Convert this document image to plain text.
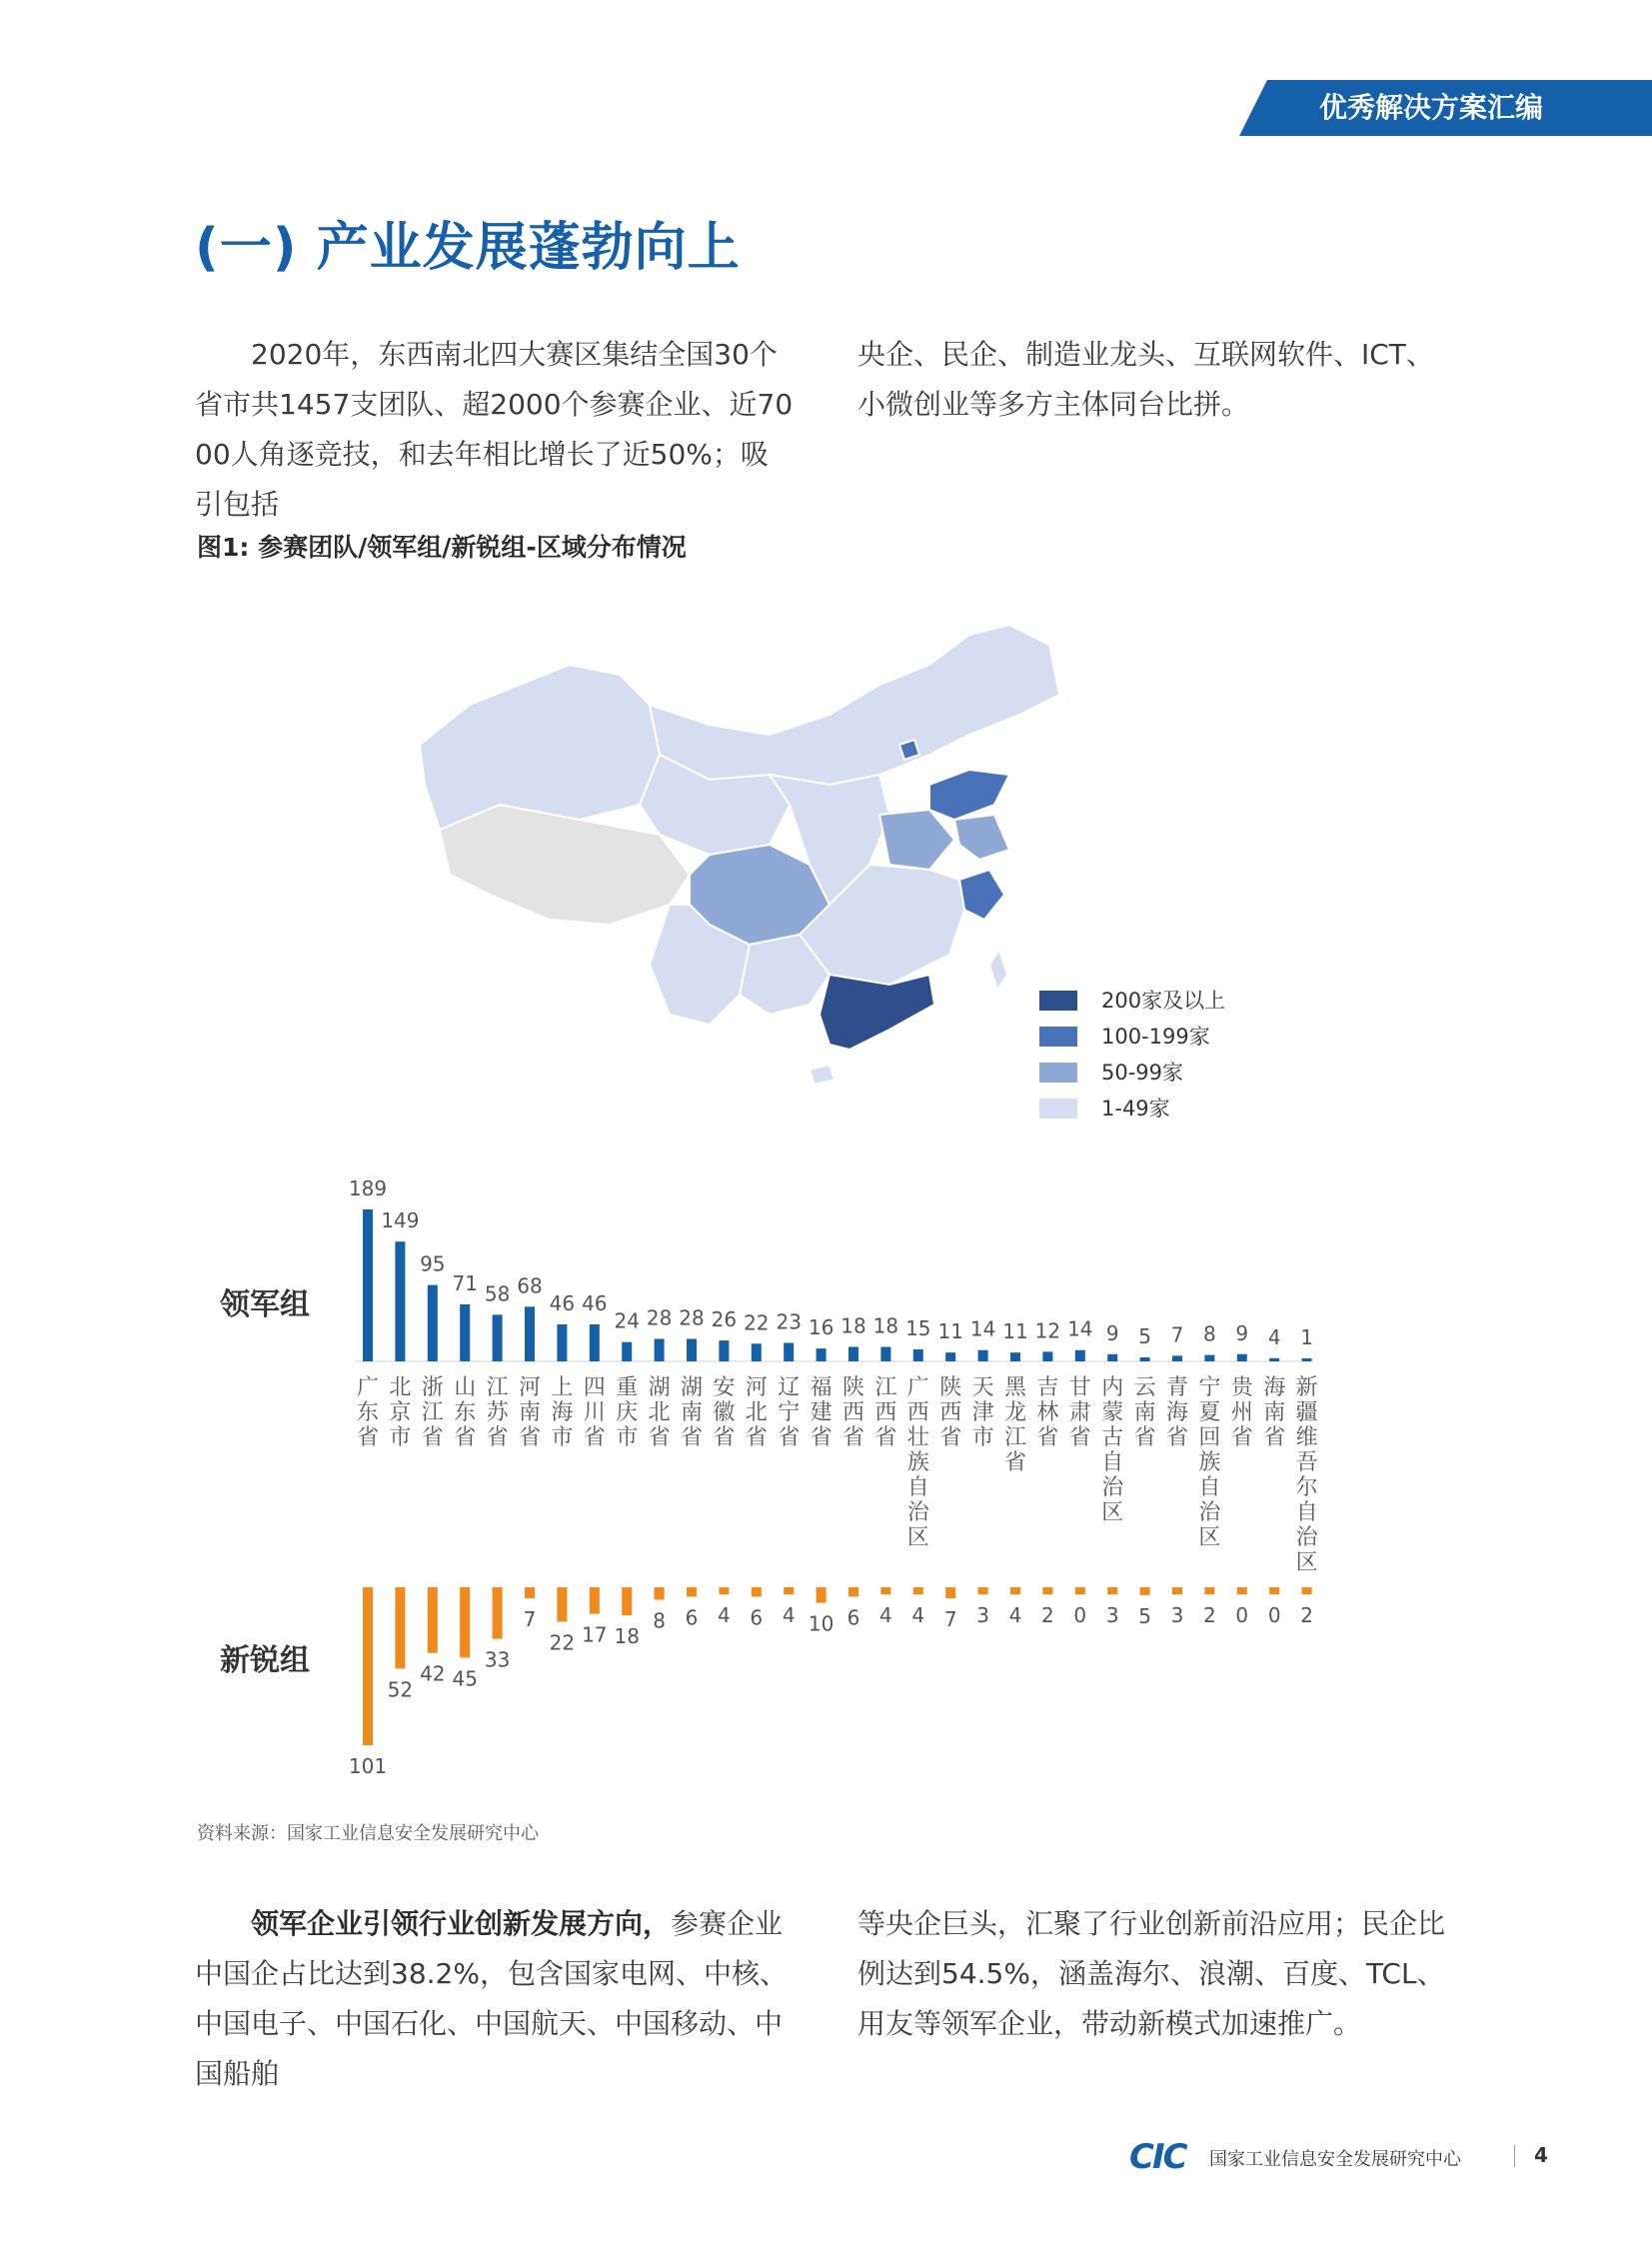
优秀解决方案汇编
(一) 产业发展蓬勃向上
2020年，东西南北四大赛区集结全国30个省市共1457支团队、超2000个参赛企业、近7000人角逐竞技，和去年相比增长了近50%；吸引包括
央企、民企、制造业龙头、互联网软件、ICT、小微创业等多方主体同台比拼。
图1: 参赛团队/领军组/新锐组-区域分布情况
200家及以上
100-199家
50-99家
1-49家
领军组
新锐组
189
101
广
东
省
149
52
北
京
市
95
42
浙
江
省
71
45
山
东
省
58
33
江
苏
省
68
7
河
南
省
46
22
上
海
市
46
17
四
川
省
24
18
重
庆
市
28
8
湖
北
省
28
6
湖
南
省
26
4
安
徽
省
22
6
河
北
省
23
4
辽
宁
省
16
10
福
建
省
18
6
陕
西
省
18
4
江
西
省
15
4
广
西
壮
族
自
治
区
11
7
陕
西
省
14
3
天
津
市
11
4
黑
龙
江
省
12
2
吉
林
省
14
0
甘
肃
省
9
3
内
蒙
古
自
治
区
5
5
云
南
省
7
3
青
海
省
8
2
宁
夏
回
族
自
治
区
9
0
贵
州
省
4
0
海
南
省
1
2
新
疆
维
吾
尔
自
治
区
资料来源：国家工业信息安全发展研究中心
领军企业引领行业创新发展方向，参赛企业中国企占比达到38.2%，包含国家电网、中核、中国电子、中国石化、中国航天、中国移动、中国船舶
等央企巨头，汇聚了行业创新前沿应用；民企比例达到54.5%，涵盖海尔、浪潮、百度、TCL、用友等领军企业，带动新模式加速推广。
CIC 国家工业信息安全发展研究中心	4
